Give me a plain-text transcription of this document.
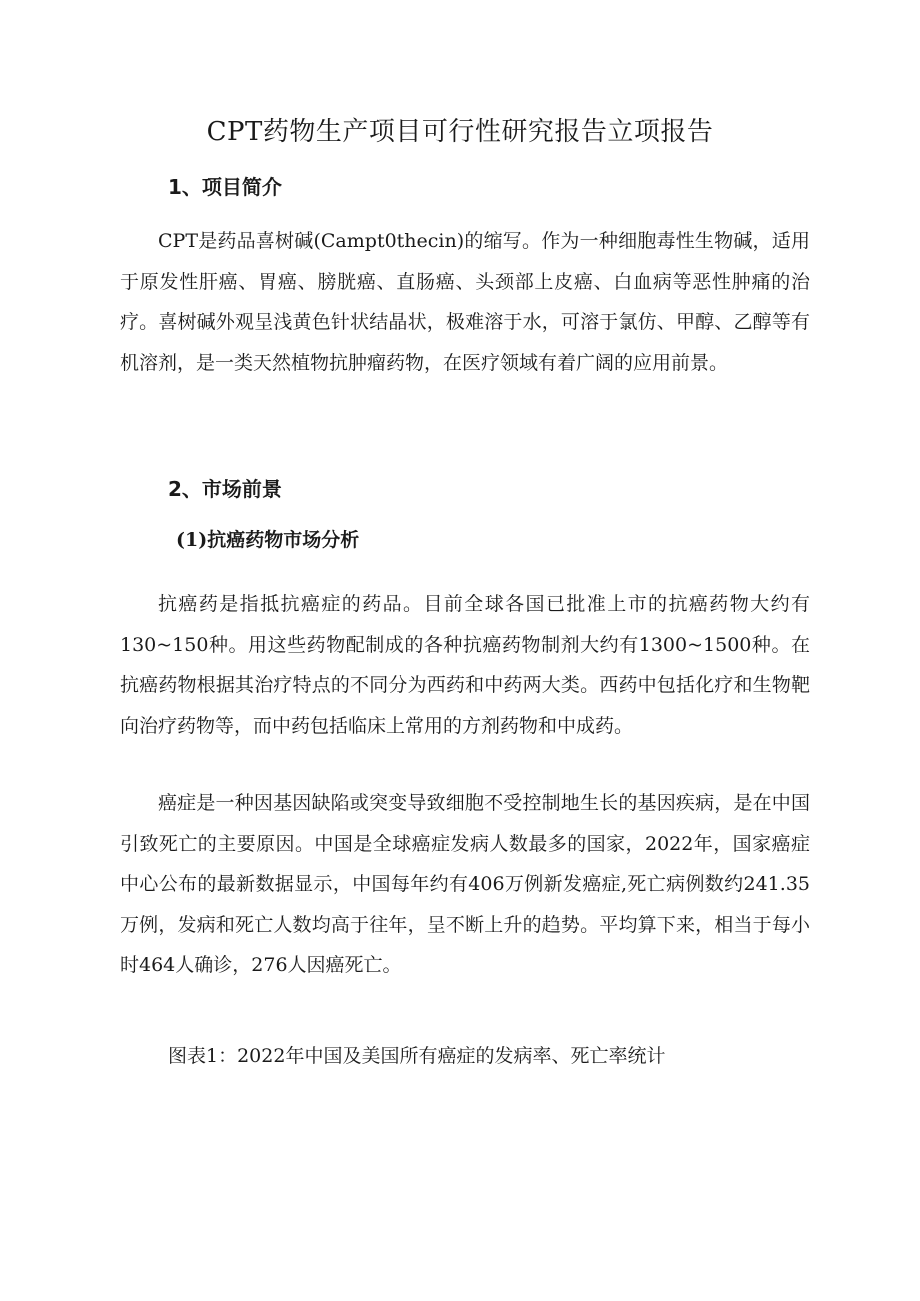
CPT药物生产项目可行性研究报告立项报告
1、项目简介

CPT是药品喜树碱(Campt0thecin)的缩写。作为一种细胞毒性生物碱，适用于原发性肝癌、胃癌、膀胱癌、直肠癌、头颈部上皮癌、白血病等恶性肿痛的治疗。喜树碱外观呈浅黄色针状结晶状，极难溶于水，可溶于氯仿、甲醇、乙醇等有机溶剂，是一类天然植物抗肿瘤药物，在医疗领域有着广阔的应用前景。

2、市场前景
(1)抗癌药物市场分析

抗癌药是指抵抗癌症的药品。目前全球各国已批准上市的抗癌药物大约有130~150种。用这些药物配制成的各种抗癌药物制剂大约有1300~1500种。在抗癌药物根据其治疗特点的不同分为西药和中药两大类。西药中包括化疗和生物靶向治疗药物等，而中药包括临床上常用的方剂药物和中成药。

癌症是一种因基因缺陷或突变导致细胞不受控制地生长的基因疾病，是在中国引致死亡的主要原因。中国是全球癌症发病人数最多的国家，2022年，国家癌症中心公布的最新数据显示，中国每年约有406万例新发癌症,死亡病例数约241.35万例，发病和死亡人数均高于往年，呈不断上升的趋势。平均算下来，相当于每小时464人确诊，276人因癌死亡。

图表1：2022年中国及美国所有癌症的发病率、死亡率统计
